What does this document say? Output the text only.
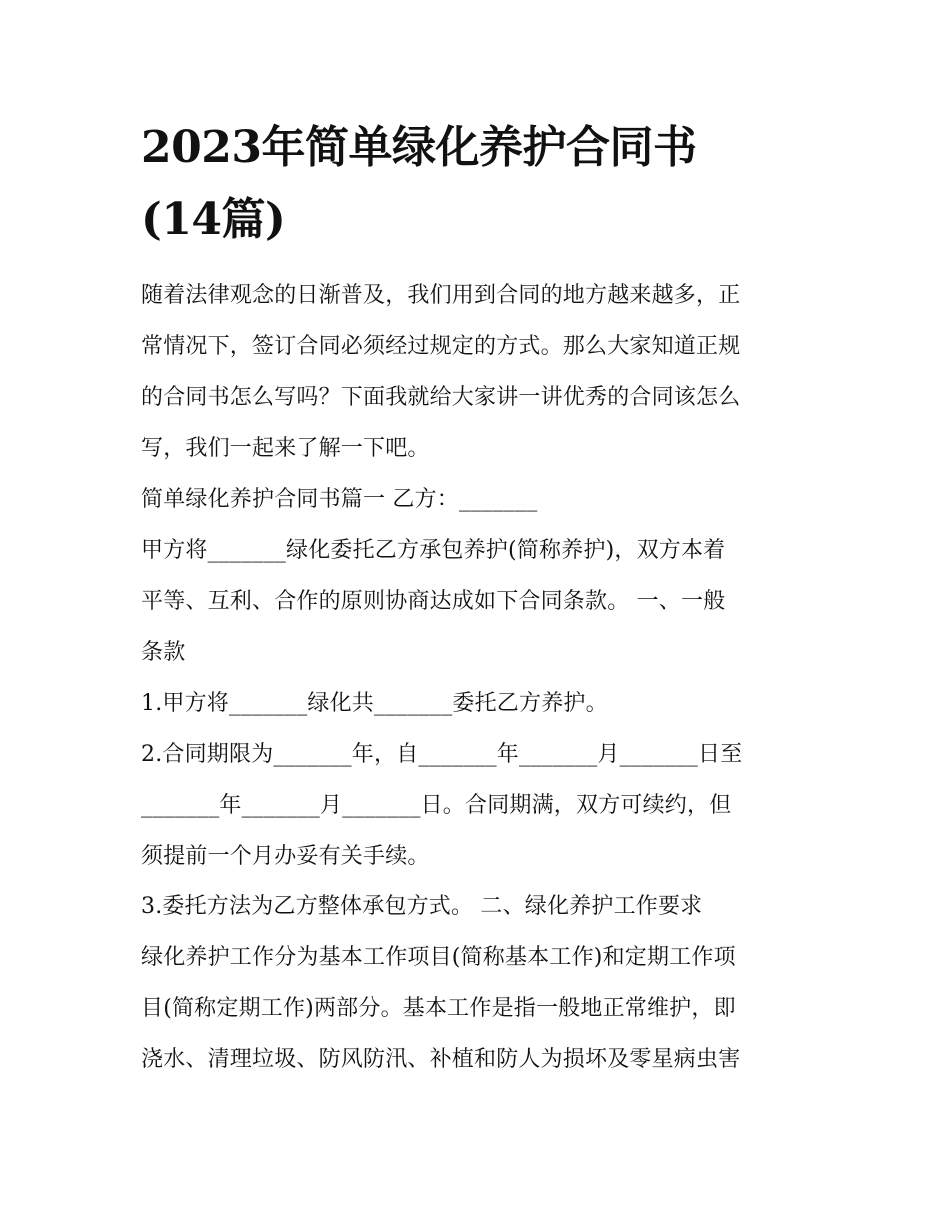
2023年简单绿化养护合同书
(14篇)

随着法律观念的日渐普及，我们用到合同的地方越来越多，正

常情况下，签订合同必须经过规定的方式。那么大家知道正规

的合同书怎么写吗？下面我就给大家讲一讲优秀的合同该怎么

写，我们一起来了解一下吧。

简单绿化养护合同书篇一 乙方：_______

甲方将_______绿化委托乙方承包养护(简称养护)，双方本着

平等、互利、合作的原则协商达成如下合同条款。 一、一般

条款

1.甲方将_______绿化共_______委托乙方养护。

2.合同期限为_______年，自_______年_______月_______日至

_______年_______月_______日。合同期满，双方可续约，但

须提前一个月办妥有关手续。

3.委托方法为乙方整体承包方式。 二、绿化养护工作要求

绿化养护工作分为基本工作项目(简称基本工作)和定期工作项

目(简称定期工作)两部分。基本工作是指一般地正常维护，即

浇水、清理垃圾、防风防汛、补植和防人为损坏及零星病虫害
